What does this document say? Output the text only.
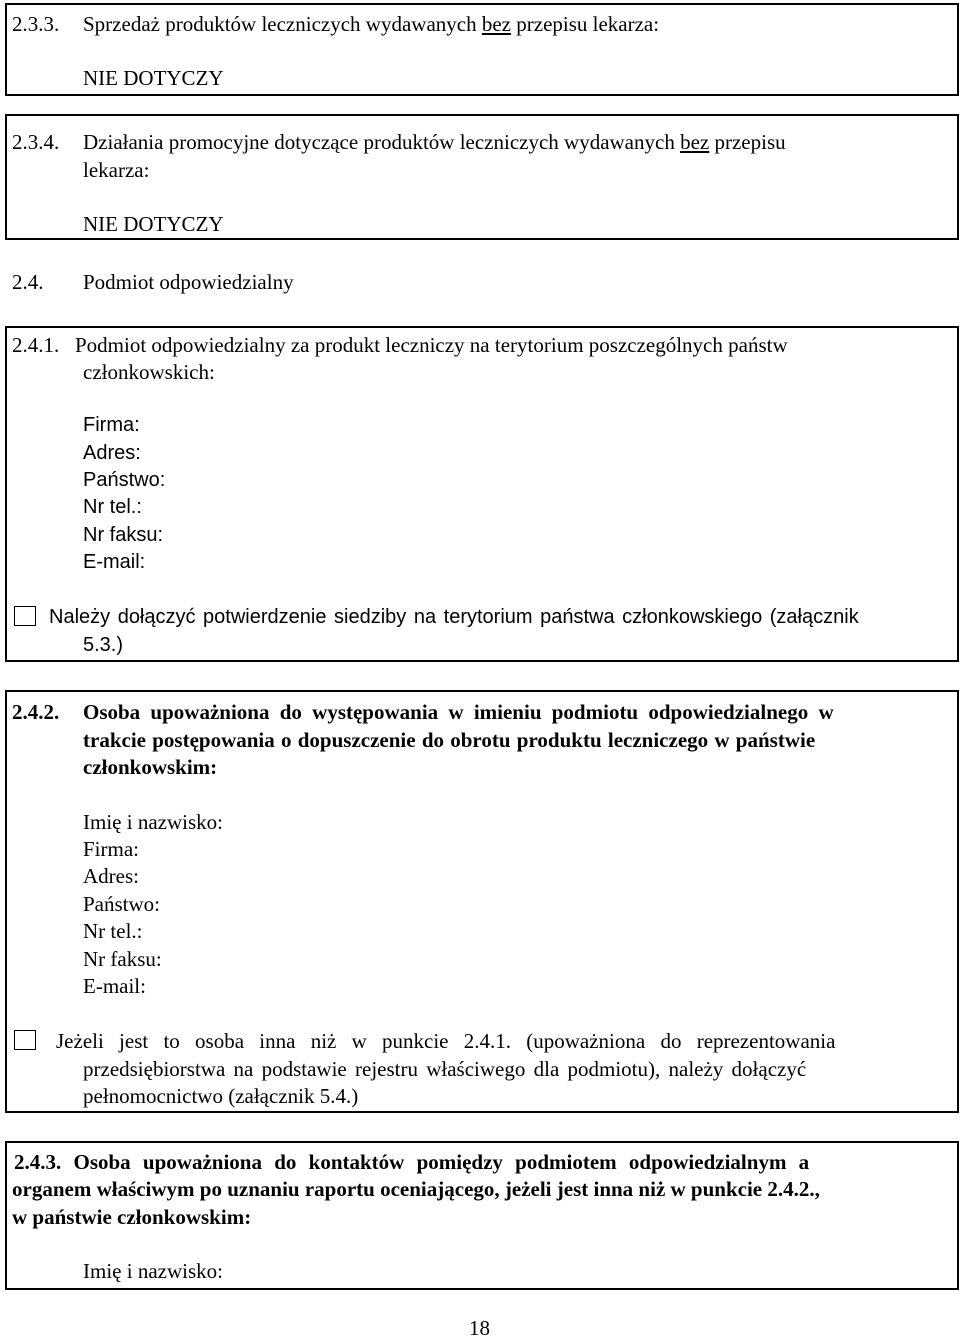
2.3.3. Sprzedaż produktów leczniczych wydawanych bez przepisu lekarza:
NIE DOTYCZY
2.3.4. Działania promocyjne dotyczące produktów leczniczych wydawanych bez przepisu
lekarza:
NIE DOTYCZY
2.4. Podmiot odpowiedzialny
2.4.1. Podmiot odpowiedzialny za produkt leczniczy na terytorium poszczególnych państw
członkowskich:
Firma:
Adres:
Państwo:
Nr tel.:
Nr faksu:
E-mail:
Należy dołączyć potwierdzenie siedziby na terytorium państwa członkowskiego (załącznik
5.3.)
2.4.2. Osoba upoważniona do występowania w imieniu podmiotu odpowiedzialnego w
trakcie postępowania o dopuszczenie do obrotu produktu leczniczego w państwie
członkowskim:
Imię i nazwisko:
Firma:
Adres:
Państwo:
Nr tel.:
Nr faksu:
E-mail:
Jeżeli jest to osoba inna niż w punkcie 2.4.1. (upoważniona do reprezentowania
przedsiębiorstwa na podstawie rejestru właściwego dla podmiotu), należy dołączyć
pełnomocnictwo (załącznik 5.4.)
2.4.3. Osoba upoważniona do kontaktów pomiędzy podmiotem odpowiedzialnym a
organem właściwym po uznaniu raportu oceniającego, jeżeli jest inna niż w punkcie 2.4.2.,
w państwie członkowskim:
Imię i nazwisko:
18
